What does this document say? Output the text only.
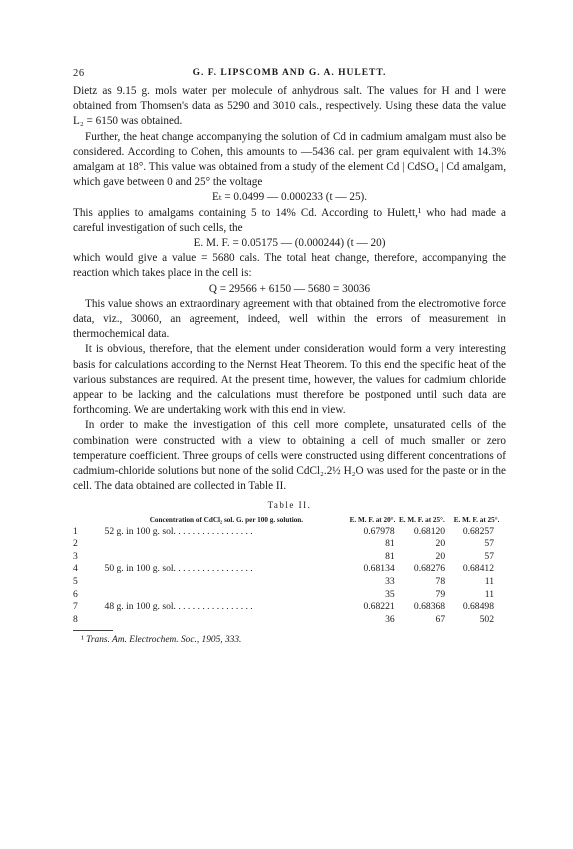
26	G. F. LIPSCOMB AND G. A. HULETT.

Dietz as 9.15 g. mols water per molecule of anhydrous salt. The values for H and l were obtained from Thomsen's data as 5290 and 3010 cals., respectively. Using these data the value L₂ = 6150 was obtained.

Further, the heat change accompanying the solution of Cd in cadmium amalgam must also be considered. According to Cohen, this amounts to —5436 cal. per gram equivalent with 14.3% amalgam at 18°. This value was obtained from a study of the element Cd | CdSO₄ | Cd amalgam, which gave between 0 and 25° the voltage

Eₜ = 0.0499 — 0.000233 (t — 25).

This applies to amalgams containing 5 to 14% Cd. According to Hulett,¹ who had made a careful investigation of such cells, the

E. M. F. = 0.05175 — (0.000244) (t — 20)

which would give a value = 5680 cals. The total heat change, therefore, accompanying the reaction which takes place in the cell is:

Q = 29566 + 6150 — 5680 = 30036

This value shows an extraordinary agreement with that obtained from the electromotive force data, viz., 30060, an agreement, indeed, well within the errors of measurement in thermochemical data.

It is obvious, therefore, that the element under consideration would form a very interesting basis for calculations according to the Nernst Heat Theorem. To this end the specific heat of the various substances are required. At the present time, however, the values for cadmium chloride appear to be lacking and the calculations must therefore be postponed until such data are forthcoming. We are undertaking work with this end in view.

In order to make the investigation of this cell more complete, unsaturated cells of the combination were constructed with a view to obtaining a cell of much smaller or zero temperature coefficient. Three groups of cells were constructed using different concentrations of cadmium-chloride solutions but none of the solid CdCl₂.2½ H₂O was used for the paste or in the cell. The data obtained are collected in Table II.

Table II.
	Concentration of CdCl₂ sol. G. per 100 g. solution.	E. M. F. at 20°.	E. M. F. at 25°.	E. M. F. at 25°.
1	52 g. in 100 g. sol. . . . . . . . . . . . . . . . .	0.67978	0.68120	0.68257
2		81	20	57
3		81	20	57
4	50 g. in 100 g. sol. . . . . . . . . . . . . . . . .	0.68134	0.68276	0.68412
5		33	78	11
6		35	79	11
7	48 g. in 100 g. sol. . . . . . . . . . . . . . . . .	0.68221	0.68368	0.68498
8		36	67	502
¹ Trans. Am. Electrochem. Soc., 1905, 333.
